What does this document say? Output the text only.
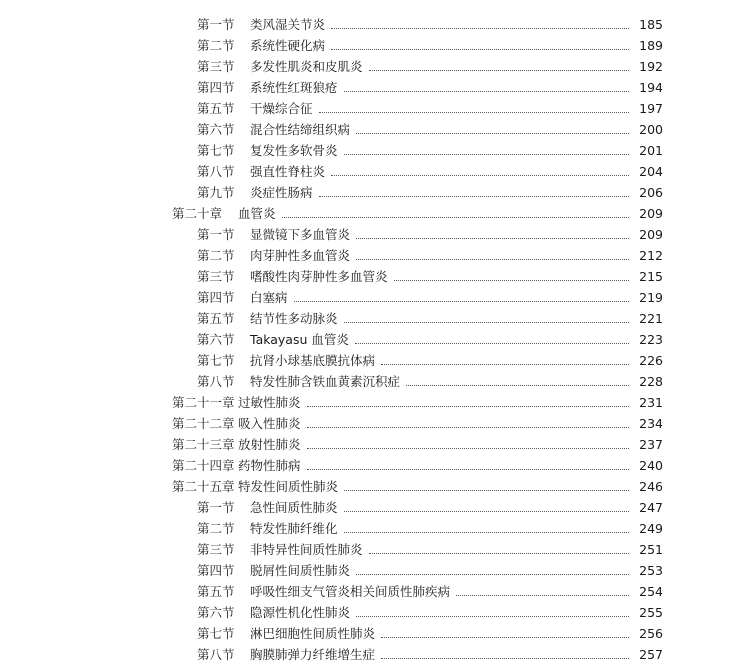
第一节	类风湿关节炎	185
第二节	系统性硬化病	189
第三节	多发性肌炎和皮肌炎	192
第四节	系统性红斑狼疮	194
第五节	干燥综合征	197
第六节	混合性结缔组织病	200
第七节	复发性多软骨炎	201
第八节	强直性脊柱炎	204
第九节	炎症性肠病	206
第二十章	血管炎	209
第一节	显微镜下多血管炎	209
第二节	肉芽肿性多血管炎	212
第三节	嗜酸性肉芽肿性多血管炎	215
第四节	白塞病	219
第五节	结节性多动脉炎	221
第六节	Takayasu 血管炎	223
第七节	抗肾小球基底膜抗体病	226
第八节	特发性肺含铁血黄素沉积症	228
第二十一章 过敏性肺炎	231
第二十二章 吸入性肺炎	234
第二十三章 放射性肺炎	237
第二十四章 药物性肺病	240
第二十五章 特发性间质性肺炎	246
第一节	急性间质性肺炎	247
第二节	特发性肺纤维化	249
第三节	非特异性间质性肺炎	251
第四节	脱屑性间质性肺炎	253
第五节	呼吸性细支气管炎相关间质性肺疾病	254
第六节	隐源性机化性肺炎	255
第七节	淋巴细胞性间质性肺炎	256
第八节	胸膜肺弹力纤维增生症	257
